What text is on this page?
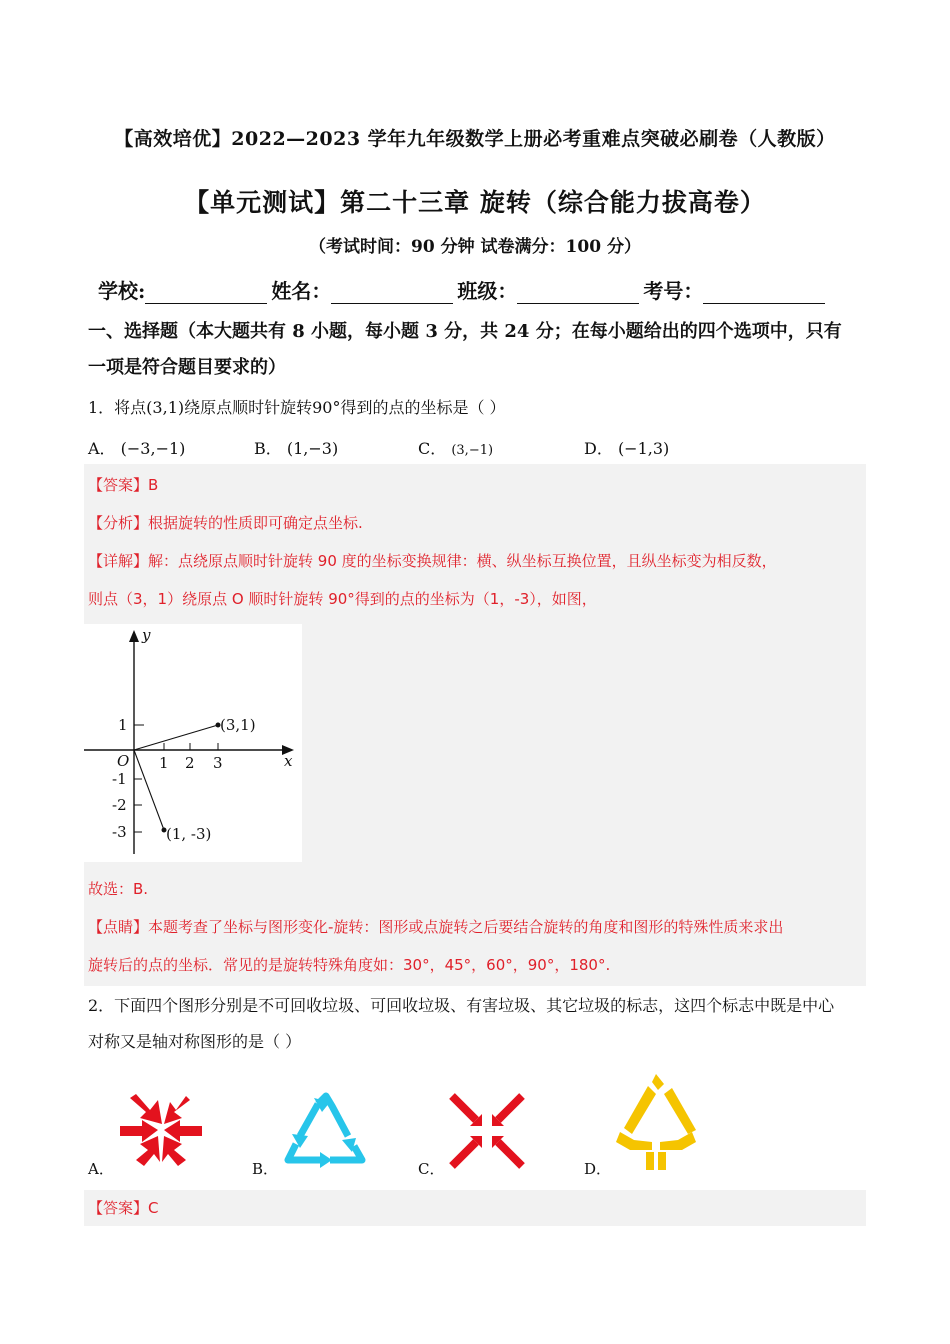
【高效培优】2022—2023 学年九年级数学上册必考重难点突破必刷卷（人教版）
【单元测试】第二十三章 旋转（综合能力拔高卷）
（考试时间：90 分钟 试卷满分：100 分）
学校:	姓名：	班级：	考号：
一、选择题（本大题共有 8 小题，每小题 3 分，共 24 分；在每小题给出的四个选项中，只有
一项是符合题目要求的）
1．将点(3,1)绕原点顺时针旋转90°得到的点的坐标是（ ）
A． (−3,−1)	B． (1,−3)	C． (3,−1)	D． (−1,3)
【答案】B
【分析】根据旋转的性质即可确定点坐标.
【详解】解：点绕原点顺时针旋转 90 度的坐标变换规律：横、纵坐标互换位置，且纵坐标变为相反数，
则点（3，1）绕原点 O 顺时针旋转 90°得到的点的坐标为（1，-3），如图，
x
y
O 1 2 3
1
-1
-2
-3
(3,1)
(1, -3)
故选：B.
【点睛】本题考查了坐标与图形变化-旋转：图形或点旋转之后要结合旋转的角度和图形的特殊性质来求出
旋转后的点的坐标．常见的是旋转特殊角度如：30°，45°，60°，90°，180°.
2．下面四个图形分别是不可回收垃圾、可回收垃圾、有害垃圾、其它垃圾的标志，这四个标志中既是中心
对称又是轴对称图形的是（ ）
A．	B．	C．	D．
【答案】C
